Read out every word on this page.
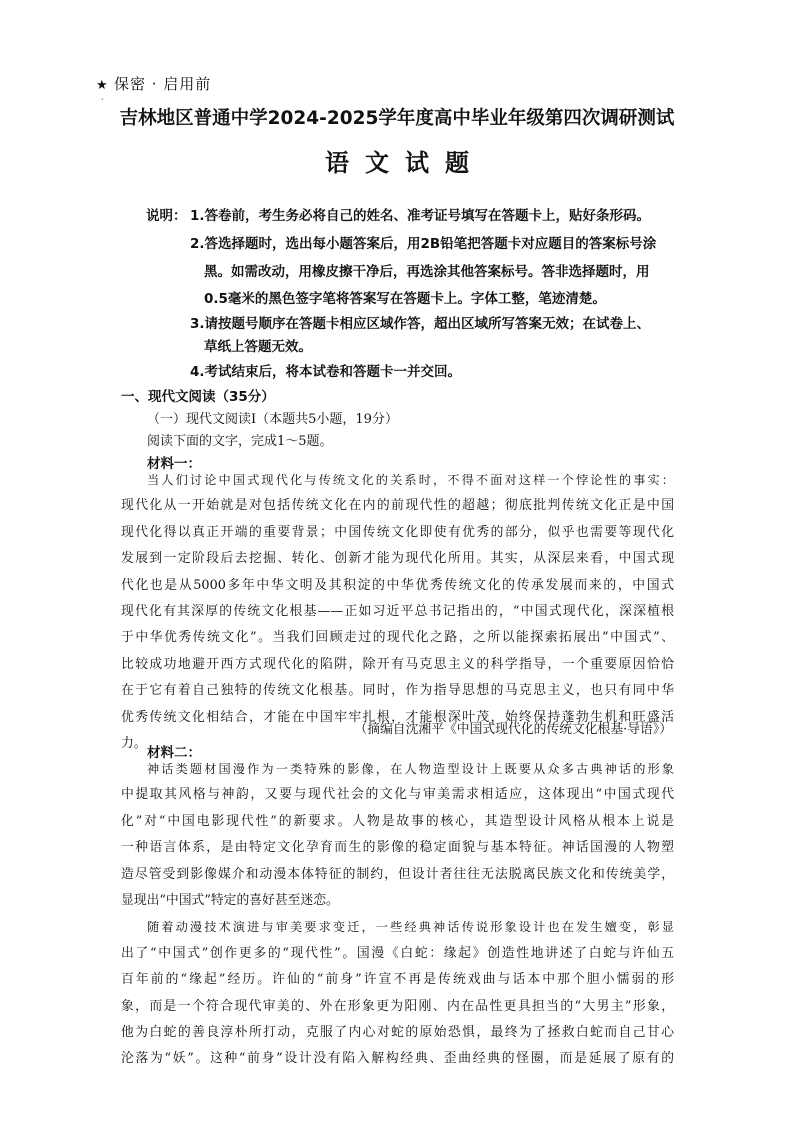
★ 保密 · 启用前
·
吉林地区普通中学2024-2025学年度高中毕业年级第四次调研测试
语文试题
说明： 1.答卷前，考生务必将自己的姓名、准考证号填写在答题卡上，贴好条形码。
2.答选择题时，选出每小题答案后，用2B铅笔把答题卡对应题目的答案标号涂
黑。如需改动，用橡皮擦干净后，再选涂其他答案标号。答非选择题时，用
0.5毫米的黑色签字笔将答案写在答题卡上。字体工整，笔迹清楚。
3.请按题号顺序在答题卡相应区域作答，超出区域所写答案无效；在试卷上、
草纸上答题无效。
4.考试结束后，将本试卷和答题卡一并交回。
一、现代文阅读（35分）
（一）现代文阅读Ⅰ（本题共5小题，19分）
阅读下面的文字，完成1～5题。
材料一：
当人们讨论中国式现代化与传统文化的关系时，不得不面对这样一个悖论性的事实：
现代化从一开始就是对包括传统文化在内的前现代性的超越；彻底批判传统文化正是中国
现代化得以真正开端的重要背景；中国传统文化即使有优秀的部分，似乎也需要等现代化
发展到一定阶段后去挖掘、转化、创新才能为现代化所用。其实，从深层来看，中国式现
代化也是从5000多年中华文明及其积淀的中华优秀传统文化的传承发展而来的，中国式
现代化有其深厚的传统文化根基——正如习近平总书记指出的，“中国式现代化，深深植根
于中华优秀传统文化”。当我们回顾走过的现代化之路，之所以能探索拓展出“中国式”、
比较成功地避开西方式现代化的陷阱，除开有马克思主义的科学指导，一个重要原因恰恰
在于它有着自己独特的传统文化根基。同时，作为指导思想的马克思主义，也只有同中华
优秀传统文化相结合，才能在中国牢牢扎根，才能根深叶茂，始终保持蓬勃生机和旺盛活
力。
（摘编自沈湘平《中国式现代化的传统文化根基·导语》）
材料二：
神话类题材国漫作为一类特殊的影像，在人物造型设计上既要从众多古典神话的形象
中提取其风格与神韵，又要与现代社会的文化与审美需求相适应，这体现出“中国式现代
化”对“中国电影现代性”的新要求。人物是故事的核心，其造型设计风格从根本上说是
一种语言体系，是由特定文化孕育而生的影像的稳定面貌与基本特征。神话国漫的人物塑
造尽管受到影像媒介和动漫本体特征的制约，但设计者往往无法脱离民族文化和传统美学，
显现出“中国式”特定的喜好甚至迷恋。
随着动漫技术演进与审美要求变迁，一些经典神话传说形象设计也在发生嬗变，彰显
出了“中国式”创作更多的“现代性”。国漫《白蛇：缘起》创造性地讲述了白蛇与许仙五
百年前的“缘起”经历。许仙的“前身”许宣不再是传统戏曲与话本中那个胆小懦弱的形
象，而是一个符合现代审美的、外在形象更为阳刚、内在品性更具担当的“大男主”形象，
他为白蛇的善良淳朴所打动，克服了内心对蛇的原始恐惧，最终为了拯救白蛇而自己甘心
沦落为“妖”。这种“前身”设计没有陷入解构经典、歪曲经典的怪圈，而是延展了原有的
